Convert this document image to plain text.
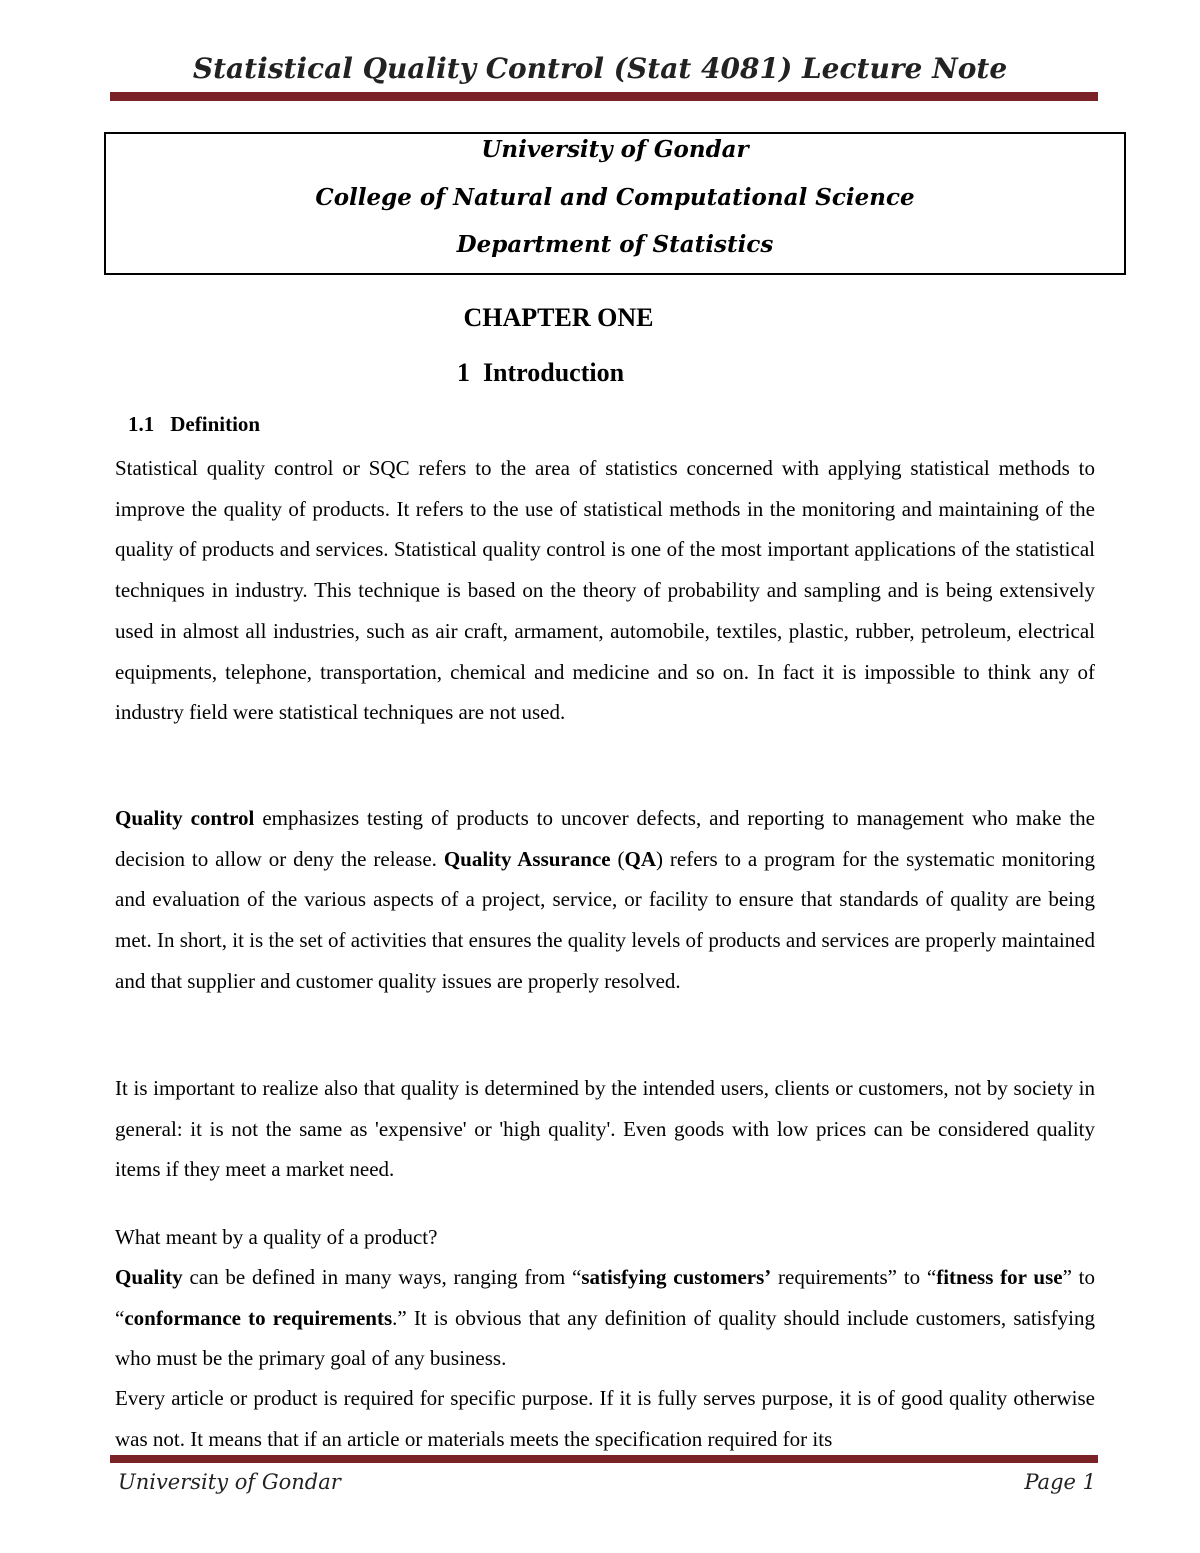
Statistical Quality Control (Stat 4081) Lecture Note
University of Gondar
College of Natural and Computational Science
Department of Statistics
CHAPTER ONE
1 Introduction
1.1 Definition

Statistical quality control or SQC refers to the area of statistics concerned with applying statistical methods to improve the quality of products. It refers to the use of statistical methods in the monitoring and maintaining of the quality of products and services. Statistical quality control is one of the most important applications of the statistical techniques in industry. This technique is based on the theory of probability and sampling and is being extensively used in almost all industries, such as air craft, armament, automobile, textiles, plastic, rubber, petroleum, electrical equipments, telephone, transportation, chemical and medicine and so on. In fact it is impossible to think any of industry field were statistical techniques are not used.

Quality control emphasizes testing of products to uncover defects, and reporting to management who make the decision to allow or deny the release. Quality Assurance (QA) refers to a program for the systematic monitoring and evaluation of the various aspects of a project, service, or facility to ensure that standards of quality are being met. In short, it is the set of activities that ensures the quality levels of products and services are properly maintained and that supplier and customer quality issues are properly resolved.

It is important to realize also that quality is determined by the intended users, clients or customers, not by society in general: it is not the same as 'expensive' or 'high quality'. Even goods with low prices can be considered quality items if they meet a market need.

What meant by a quality of a product?

Quality can be defined in many ways, ranging from “satisfying customers’ requirements” to “fitness for use” to “conformance to requirements.” It is obvious that any definition of quality should include customers, satisfying who must be the primary goal of any business.

Every article or product is required for specific purpose. If it is fully serves purpose, it is of good quality otherwise was not. It means that if an article or materials meets the specification required for its

University of Gondar	Page 1
